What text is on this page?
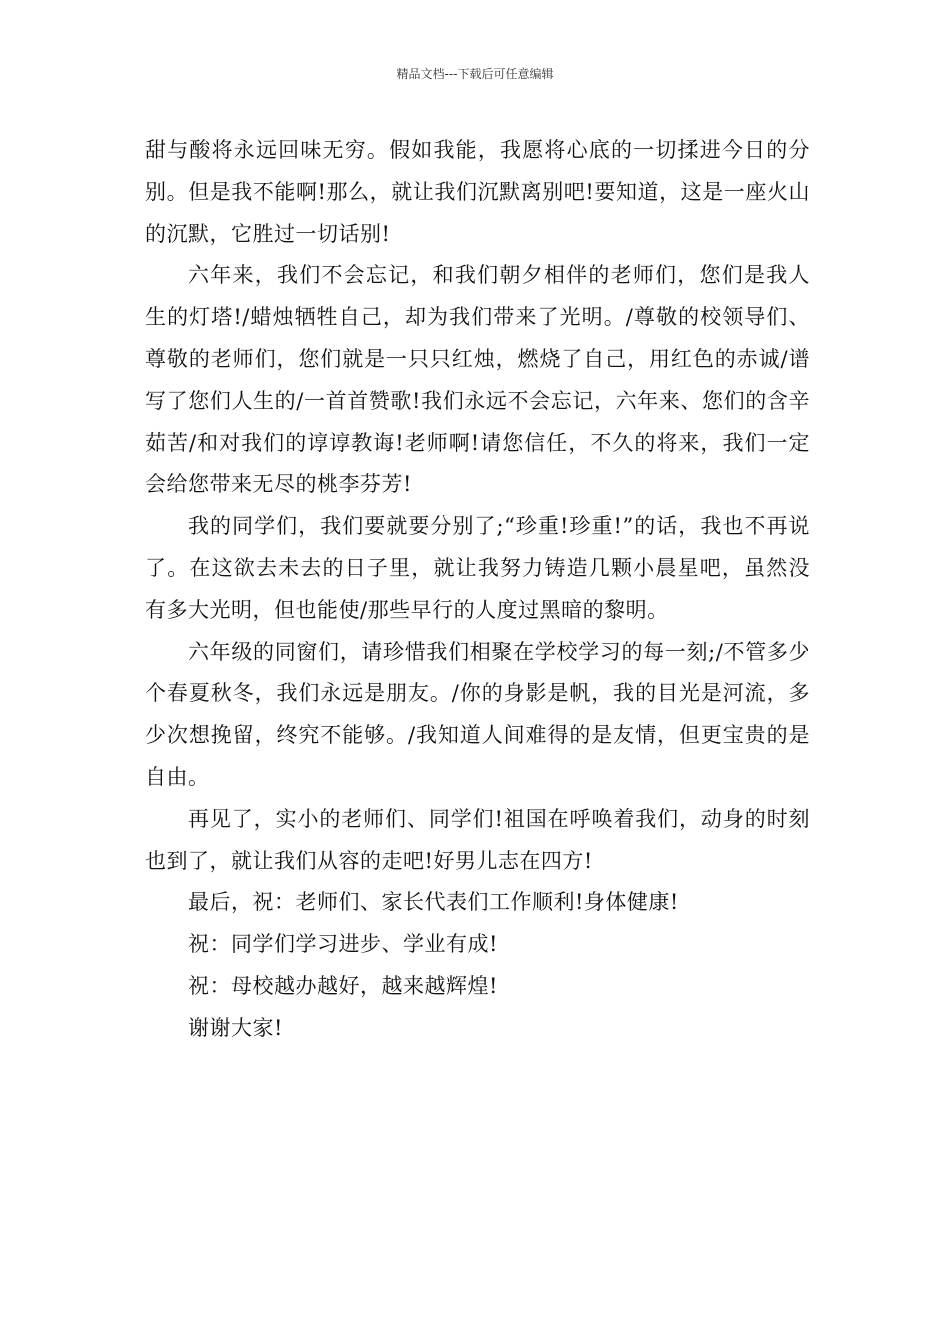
精品文档---下载后可任意编辑

甜与酸将永远回味无穷。假如我能，我愿将心底的一切揉进今日的分别。但是我不能啊!那么，就让我们沉默离别吧!要知道，这是一座火山的沉默，它胜过一切话别!

六年来，我们不会忘记，和我们朝夕相伴的老师们，您们是我人生的灯塔!/蜡烛牺牲自己，却为我们带来了光明。/尊敬的校领导们、尊敬的老师们，您们就是一只只红烛，燃烧了自己，用红色的赤诚/谱写了您们人生的/一首首赞歌!我们永远不会忘记，六年来、您们的含辛茹苦/和对我们的谆谆教诲!老师啊!请您信任，不久的将来，我们一定会给您带来无尽的桃李芬芳!

我的同学们，我们要就要分别了;“珍重!珍重!”的话，我也不再说了。在这欲去未去的日子里，就让我努力铸造几颗小晨星吧，虽然没有多大光明，但也能使/那些早行的人度过黑暗的黎明。

六年级的同窗们，请珍惜我们相聚在学校学习的每一刻;/不管多少个春夏秋冬，我们永远是朋友。/你的身影是帆，我的目光是河流，多少次想挽留，终究不能够。/我知道人间难得的是友情，但更宝贵的是自由。

再见了，实小的老师们、同学们!祖国在呼唤着我们，动身的时刻也到了，就让我们从容的走吧!好男儿志在四方!

最后，祝：老师们、家长代表们工作顺利!身体健康!

祝：同学们学习进步、学业有成!

祝：母校越办越好，越来越辉煌!

谢谢大家!
